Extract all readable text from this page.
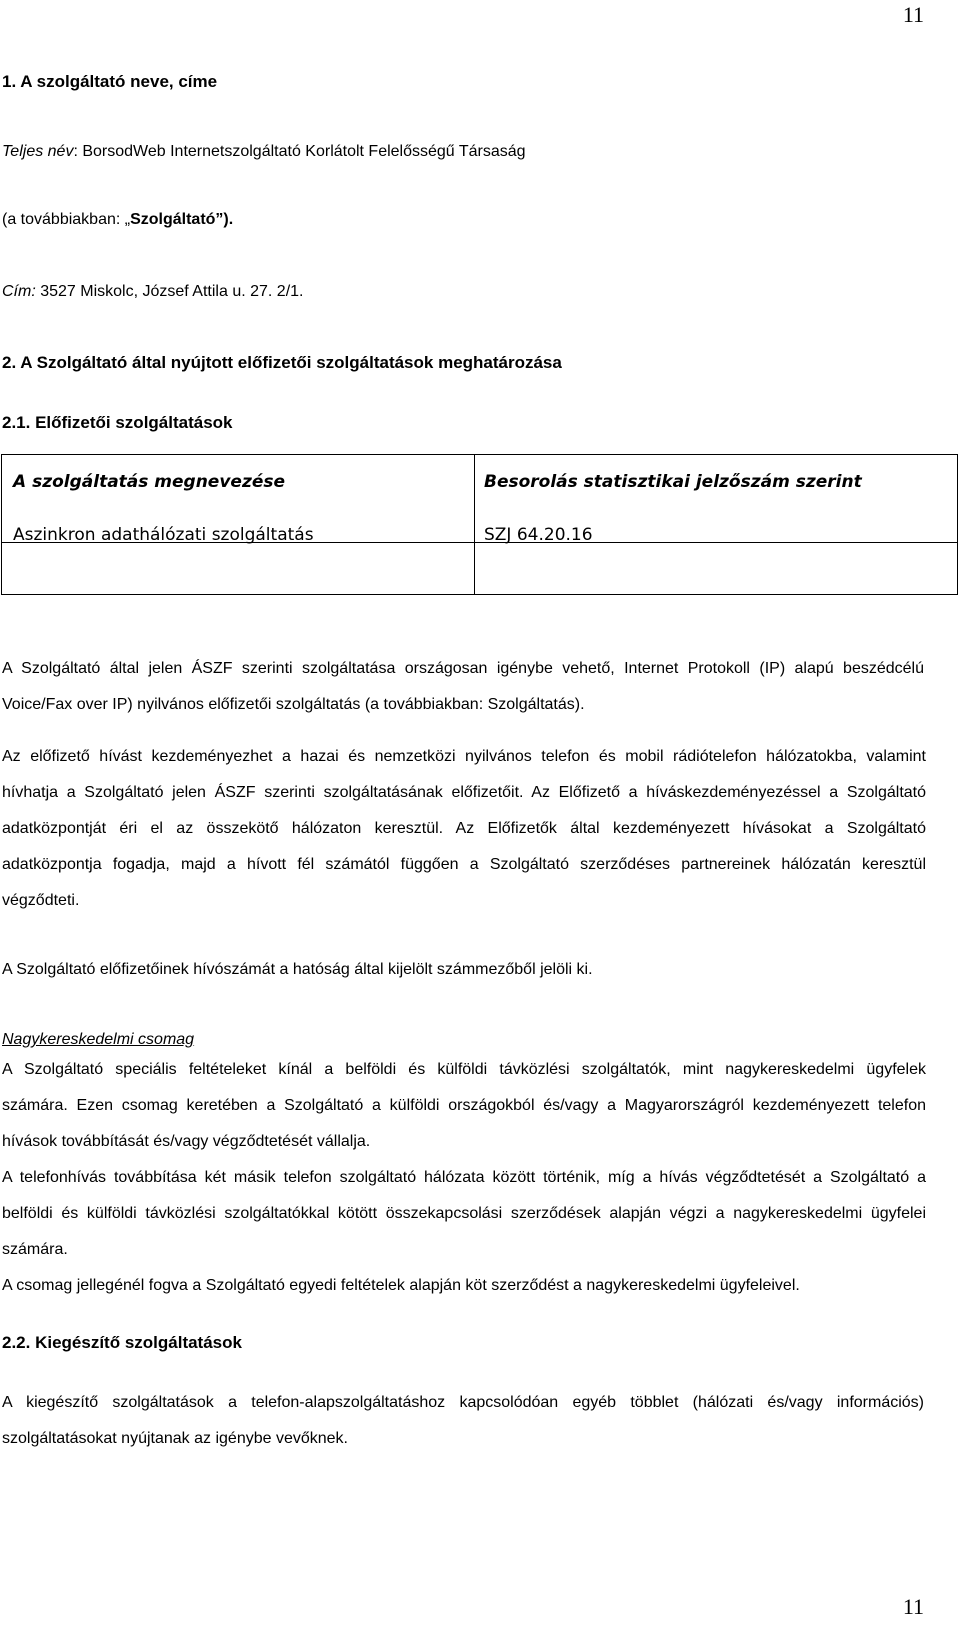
11
1. A szolgáltató neve, címe
Teljes név: BorsodWeb Internetszolgáltató Korlátolt Felelősségű Társaság
(a továbbiakban: „Szolgáltató”).
Cím: 3527 Miskolc, József Attila u. 27. 2/1.
2. A Szolgáltató által nyújtott előfizetői szolgáltatások meghatározása
2.1. Előfizetői szolgáltatások
A szolgáltatás megnevezése	Besorolás statisztikai jelzőszám szerint
Aszinkron adathálózati szolgáltatás	SZJ 64.20.16
A Szolgáltató által jelen ÁSZF szerinti szolgáltatása országosan igénybe vehető, Internet Protokoll (IP) alapú beszédcélú
Voice/Fax over IP) nyilvános előfizetői szolgáltatás (a továbbiakban: Szolgáltatás).
Az előfizető hívást kezdeményezhet a hazai és nemzetközi nyilvános telefon és mobil rádiótelefon hálózatokba, valamint
hívhatja a Szolgáltató jelen ÁSZF szerinti szolgáltatásának előfizetőit. Az Előfizető a híváskezdeményezéssel a Szolgáltató
adatközpontját éri el az összekötő hálózaton keresztül. Az Előfizetők által kezdeményezett hívásokat a Szolgáltató
adatközpontja fogadja, majd a hívott fél számától függően a Szolgáltató szerződéses partnereinek hálózatán keresztül
végződteti.
A Szolgáltató előfizetőinek hívószámát a hatóság által kijelölt számmezőből jelöli ki.
Nagykereskedelmi csomag
A Szolgáltató speciális feltételeket kínál a belföldi és külföldi távközlési szolgáltatók, mint nagykereskedelmi ügyfelek
számára. Ezen csomag keretében a Szolgáltató a külföldi országokból és/vagy a Magyarországról kezdeményezett telefon
hívások továbbítását és/vagy végződtetését vállalja.
A telefonhívás továbbítása két másik telefon szolgáltató hálózata között történik, míg a hívás végződtetését a Szolgáltató a
belföldi és külföldi távközlési szolgáltatókkal kötött összekapcsolási szerződések alapján végzi a nagykereskedelmi ügyfelei
számára.
A csomag jellegénél fogva a Szolgáltató egyedi feltételek alapján köt szerződést a nagykereskedelmi ügyfeleivel.
2.2. Kiegészítő szolgáltatások
A kiegészítő szolgáltatások a telefon-alapszolgáltatáshoz kapcsolódóan egyéb többlet (hálózati és/vagy információs)
szolgáltatásokat nyújtanak az igénybe vevőknek.
11
